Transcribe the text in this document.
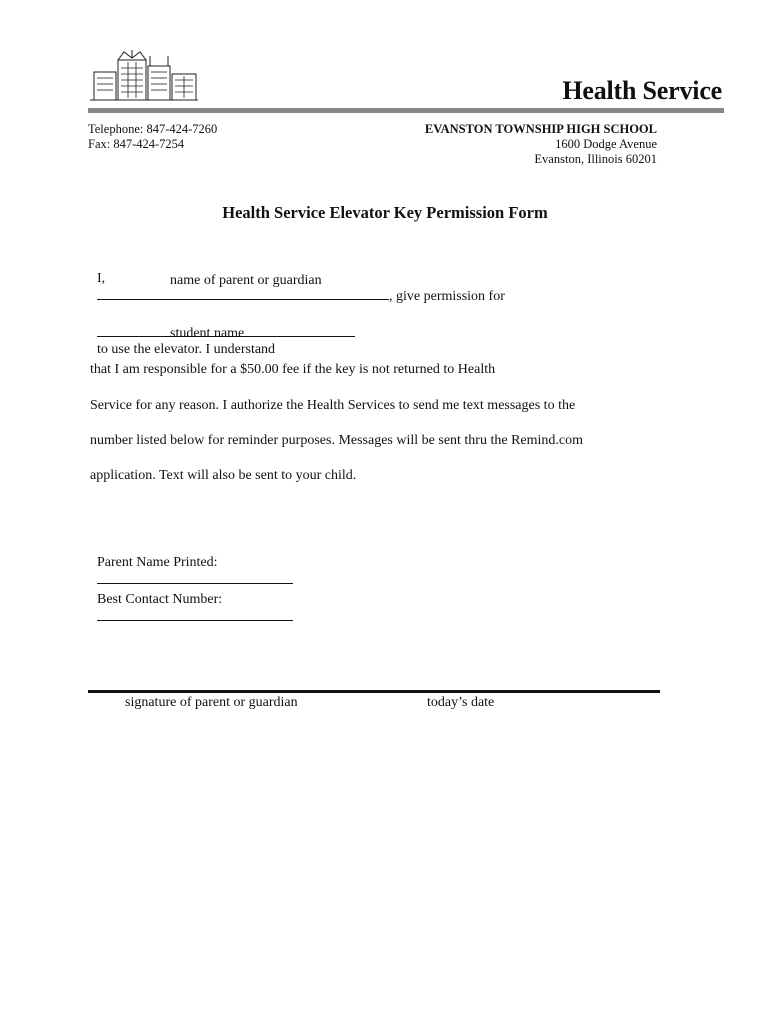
Health Service
Telephone: 847-424-7260
Fax: 847-424-7254
EVANSTON TOWNSHIP HIGH SCHOOL
1600 Dodge Avenue
Evanston, Illinois 60201
Health Service Elevator Key Permission Form

I,
, give permission for

name of parent or guardian

to use the elevator. I understand

student name
that I am responsible for a $50.00 fee if the key is not returned to Health
Service for any reason. I authorize the Health Services to send me text messages to the
number listed below for reminder purposes. Messages will be sent thru the Remind.com
application. Text will also be sent to your child.

Parent Name Printed:

Best Contact Number:

signature of parent or guardian	today’s date
